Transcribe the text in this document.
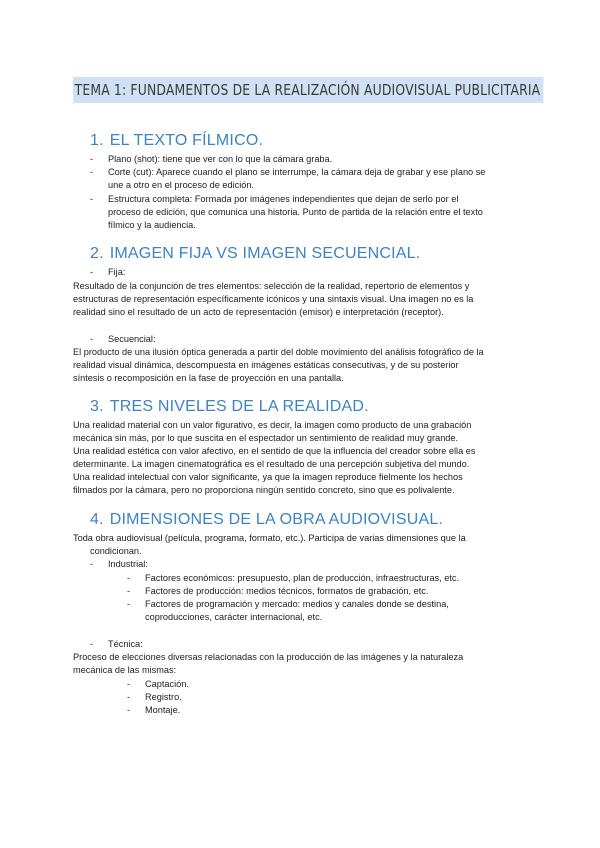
TEMA 1: FUNDAMENTOS DE LA REALIZACIÓN AUDIOVISUAL PUBLICITARIA
1. EL TEXTO FÍLMICO.
- Plano (shot): tiene que ver con lo que la cámara graba.
- Corte (cut): Aparece cuando el plano se interrumpe, la cámara deja de grabar y ese plano se
une a otro en el proceso de edición.
- Estructura completa: Formada por imágenes independientes que dejan de serlo por el
proceso de edición, que comunica una historia. Punto de partida de la relación entre el texto
fílmico y la audiencia.
2. IMAGEN FIJA VS IMAGEN SECUENCIAL.
- Fija:
Resultado de la conjunción de tres elementos: selección de la realidad, repertorio de elementos y
estructuras de representación específicamente icónicos y una sintaxis visual. Una imagen no es la
realidad sino el resultado de un acto de representación (emisor) e interpretación (receptor).
- Secuencial:
El producto de una ilusión óptica generada a partir del doble movimiento del análisis fotográfico de la
realidad visual dinámica, descompuesta en imágenes estáticas consecutivas, y de su posterior
síntesis o recomposición en la fase de proyección en una pantalla.
3. TRES NIVELES DE LA REALIDAD.
Una realidad material con un valor figurativo, es decir, la imagen como producto de una grabación
mecánica sin más, por lo que suscita en el espectador un sentimiento de realidad muy grande.
Una realidad estética con valor afectivo, en el sentido de que la influencia del creador sobre ella es
determinante. La imagen cinematográfica es el resultado de una percepción subjetiva del mundo.
Una realidad intelectual con valor significante, ya que la imagen reproduce fielmente los hechos
filmados por la cámara, pero no proporciona ningún sentido concreto, sino que es polivalente.
4. DIMENSIONES DE LA OBRA AUDIOVISUAL.
Toda obra audiovisual (película, programa, formato, etc.). Participa de varias dimensiones que la
condicionan.
- Industrial:
- Factores económicos: presupuesto, plan de producción, infraestructuras, etc.
- Factores de producción: medios técnicos, formatos de grabación, etc.
- Factores de programación y mercado: medios y canales donde se destina,
coproducciones, carácter internacional, etc.
- Técnica:
Proceso de elecciones diversas relacionadas con la producción de las imágenes y la naturaleza
mecánica de las mismas:
- Captación.
- Registro.
- Montaje.
